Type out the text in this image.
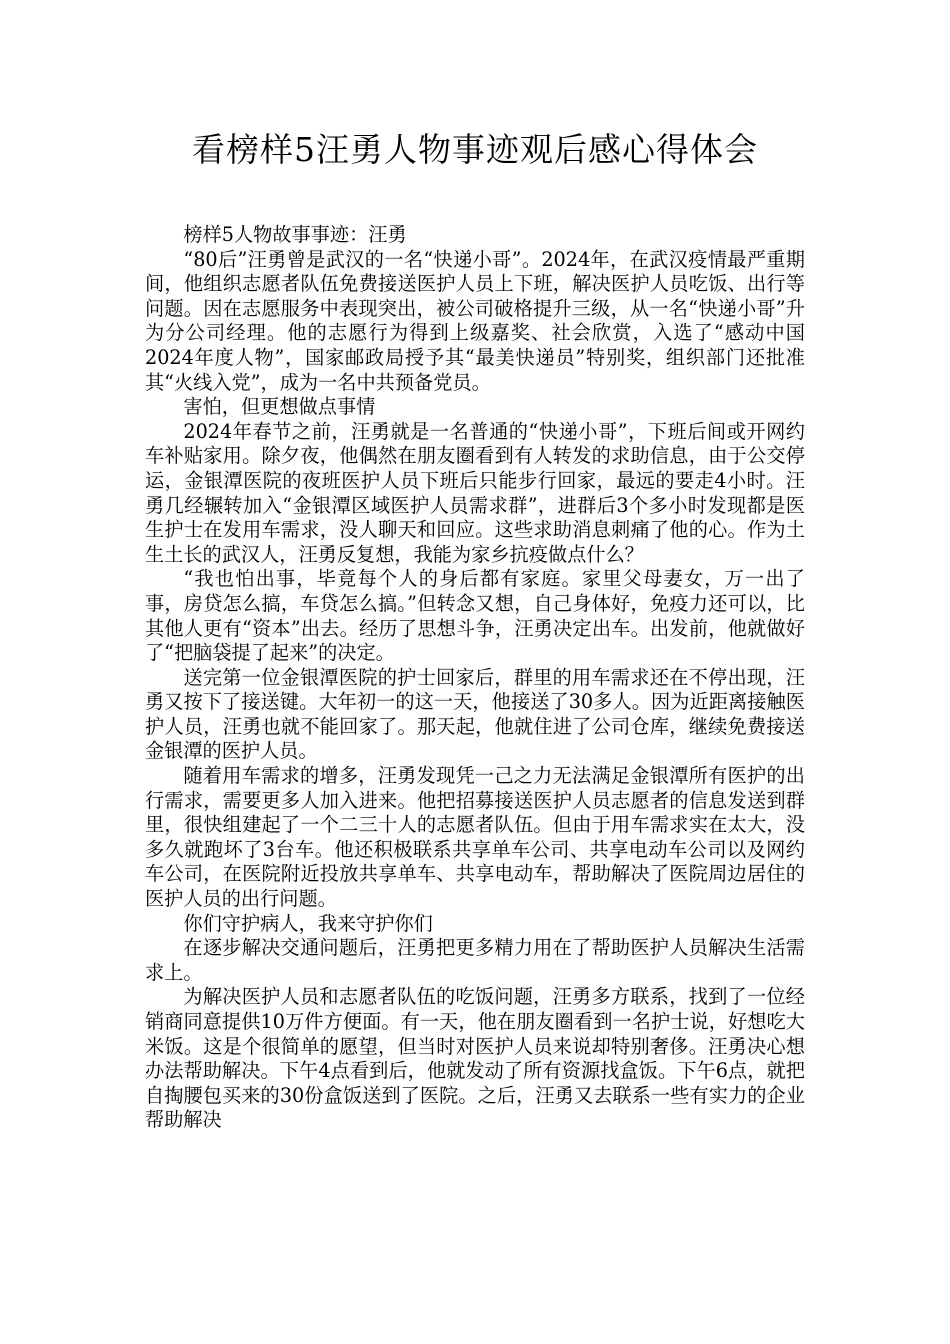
看榜样5汪勇人物事迹观后感心得体会

榜样5人物故事事迹：汪勇

“80后”汪勇曾是武汉的一名“快递小哥”。2024年，在武汉疫情最严重期间，他组织志愿者队伍免费接送医护人员上下班，解决医护人员吃饭、出行等问题。因在志愿服务中表现突出，被公司破格提升三级，从一名“快递小哥”升为分公司经理。他的志愿行为得到上级嘉奖、社会欣赏，入选了“感动中国2024年度人物”，国家邮政局授予其“最美快递员”特别奖，组织部门还批准其“火线入党”，成为一名中共预备党员。

害怕，但更想做点事情

2024年春节之前，汪勇就是一名普通的“快递小哥”，下班后间或开网约车补贴家用。除夕夜，他偶然在朋友圈看到有人转发的求助信息，由于公交停运，金银潭医院的夜班医护人员下班后只能步行回家，最远的要走4小时。汪勇几经辗转加入“金银潭区域医护人员需求群”，进群后3个多小时发现都是医生护士在发用车需求，没人聊天和回应。这些求助消息刺痛了他的心。作为土生土长的武汉人，汪勇反复想，我能为家乡抗疫做点什么？

“我也怕出事，毕竟每个人的身后都有家庭。家里父母妻女，万一出了事，房贷怎么搞，车贷怎么搞。”但转念又想，自己身体好，免疫力还可以，比其他人更有“资本”出去。经历了思想斗争，汪勇决定出车。出发前，他就做好了“把脑袋提了起来”的决定。

送完第一位金银潭医院的护士回家后，群里的用车需求还在不停出现，汪勇又按下了接送键。大年初一的这一天，他接送了30多人。因为近距离接触医护人员，汪勇也就不能回家了。那天起，他就住进了公司仓库，继续免费接送金银潭的医护人员。

随着用车需求的增多，汪勇发现凭一己之力无法满足金银潭所有医护的出行需求，需要更多人加入进来。他把招募接送医护人员志愿者的信息发送到群里，很快组建起了一个二三十人的志愿者队伍。但由于用车需求实在太大，没多久就跑坏了3台车。他还积极联系共享单车公司、共享电动车公司以及网约车公司，在医院附近投放共享单车、共享电动车，帮助解决了医院周边居住的医护人员的出行问题。

你们守护病人，我来守护你们

在逐步解决交通问题后，汪勇把更多精力用在了帮助医护人员解决生活需求上。

为解决医护人员和志愿者队伍的吃饭问题，汪勇多方联系，找到了一位经销商同意提供10万件方便面。有一天，他在朋友圈看到一名护士说，好想吃大米饭。这是个很简单的愿望，但当时对医护人员来说却特别奢侈。汪勇决心想办法帮助解决。下午4点看到后，他就发动了所有资源找盒饭。下午6点，就把自掏腰包买来的30份盒饭送到了医院。之后，汪勇又去联系一些有实力的企业帮助解决
